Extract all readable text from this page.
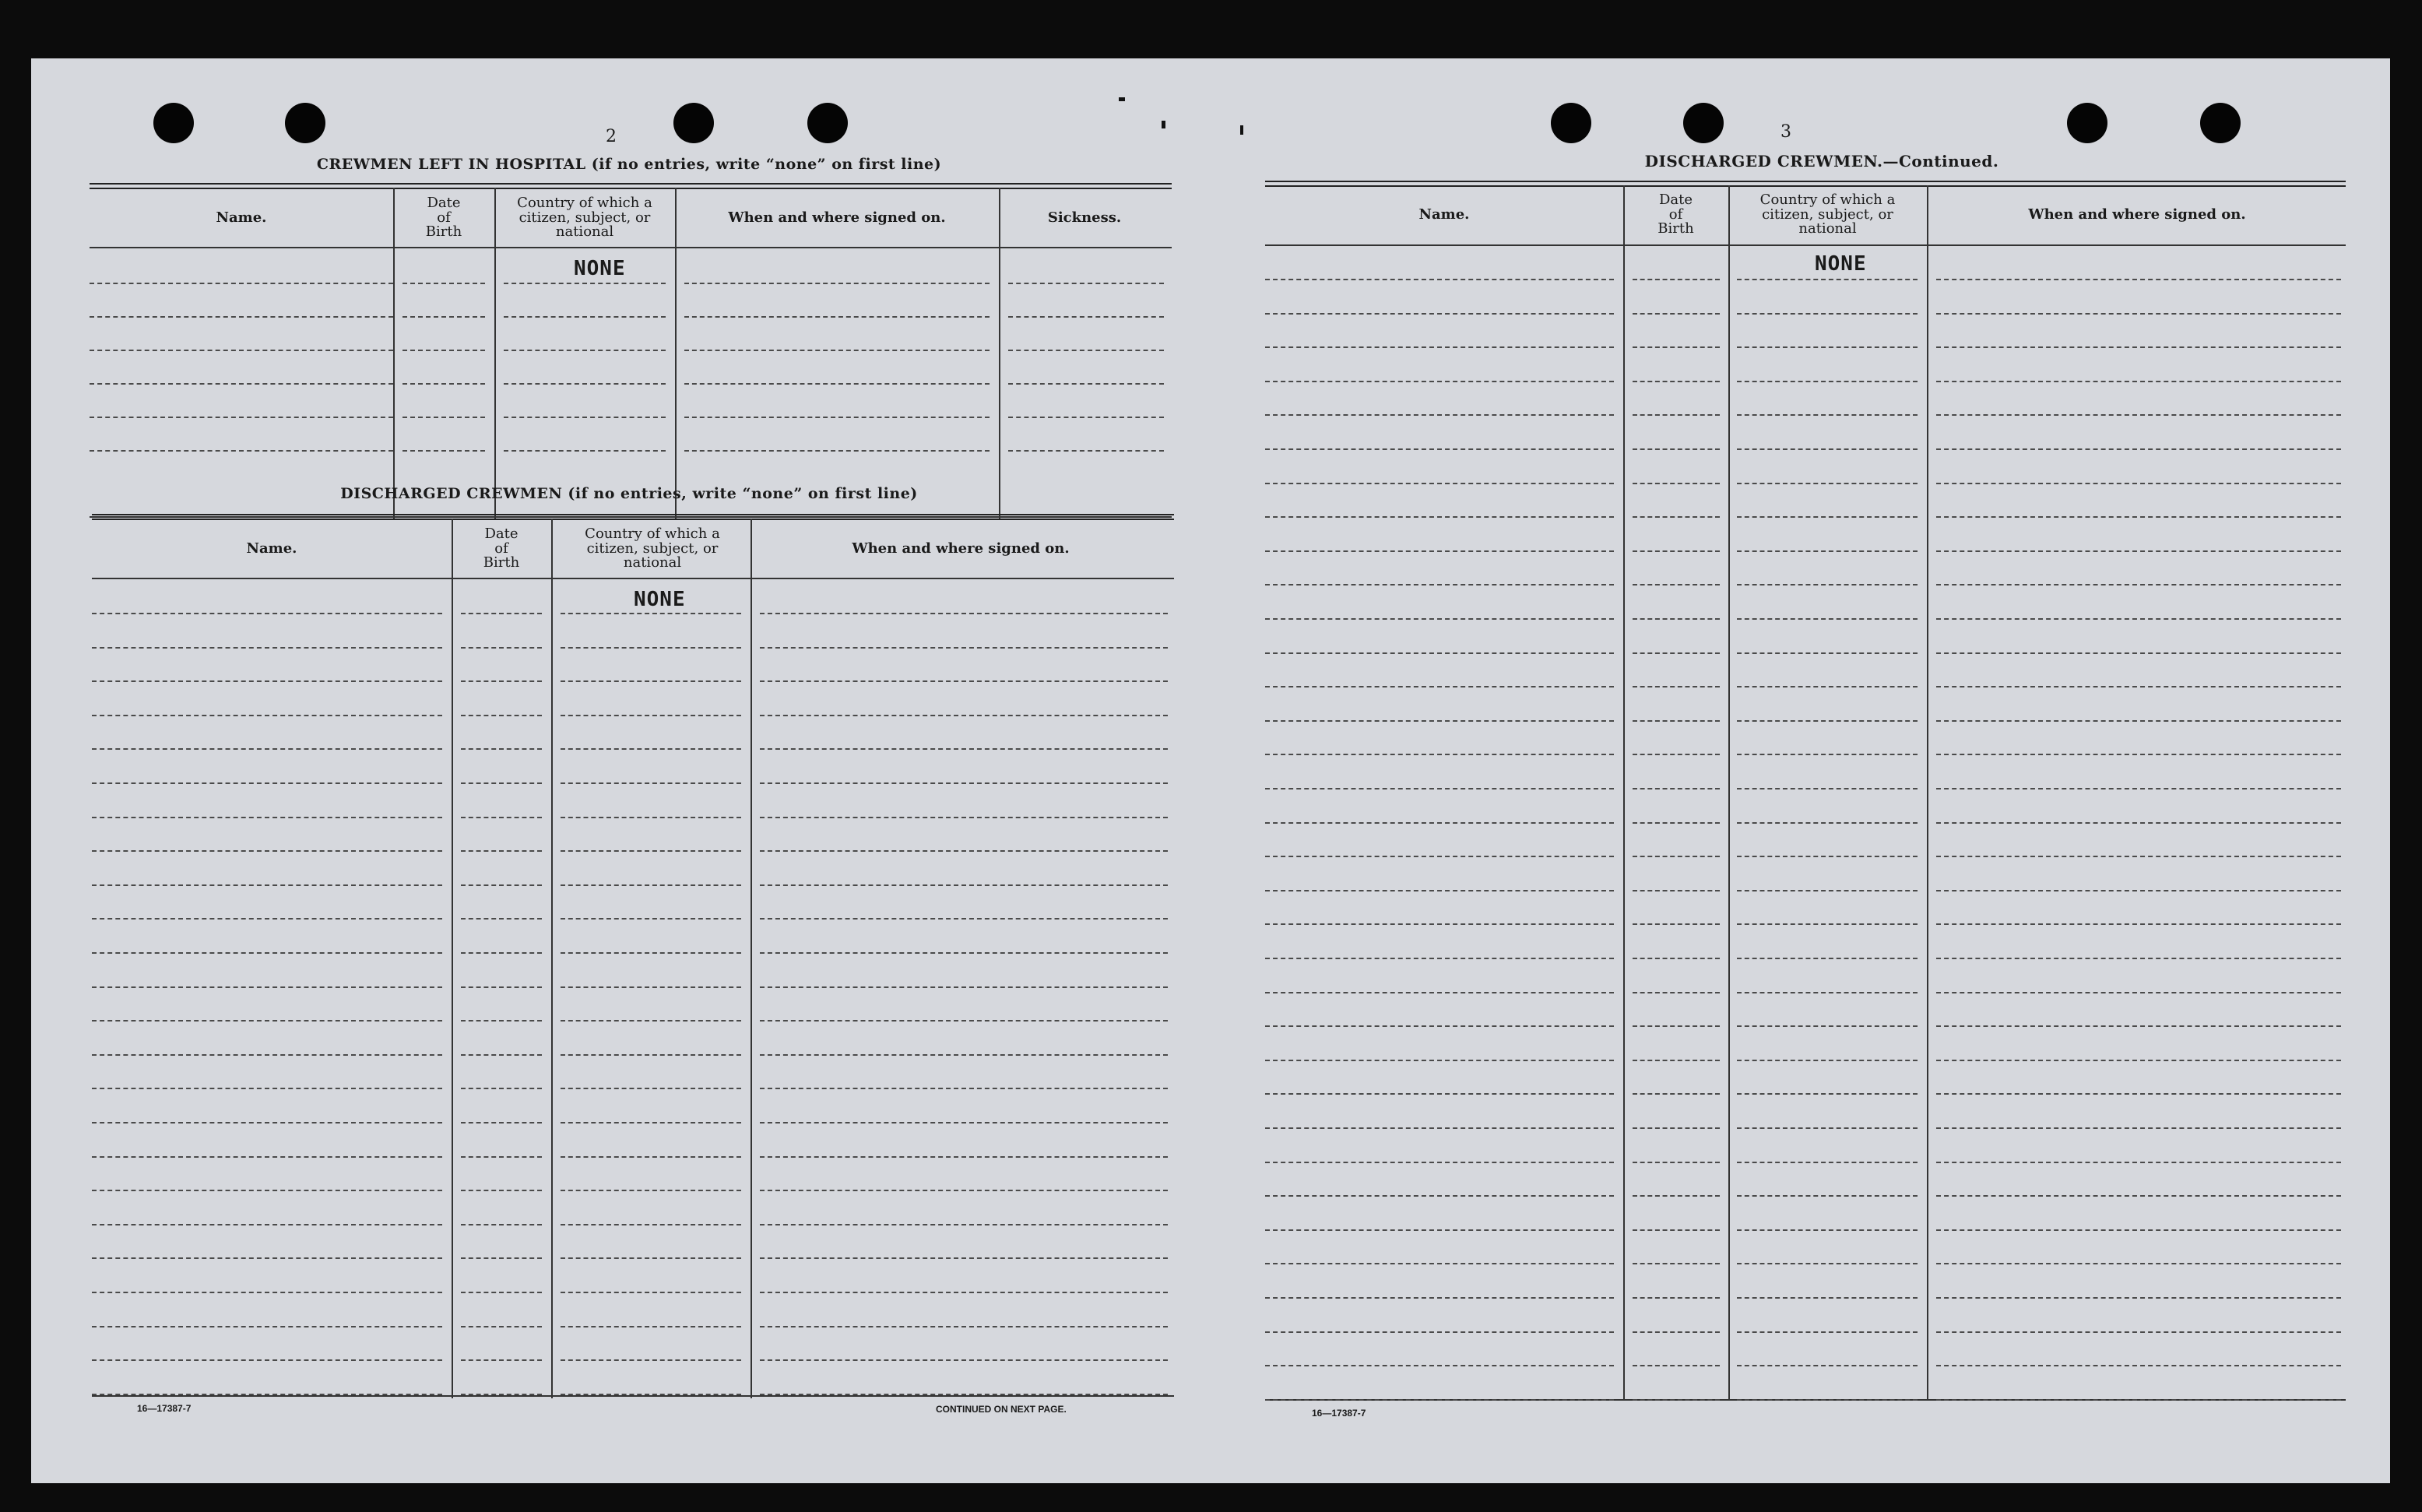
2
CREWMEN LEFT IN HOSPITAL (if no entries, write “none” on first line)
Name.
Date of Birth
Country of which a citizen, subject, or national
When and where signed on.	Sickness.
NONE
DISCHARGED CREWMEN (if no entries, write “none” on first line)
Name.
Date of Birth
Country of which a citizen, subject, or national
When and where signed on.
NONE
16—17387-7	CONTINUED ON NEXT PAGE.
3
DISCHARGED CREWMEN.—Continued.
Name.
Date of Birth
Country of which a citizen, subject, or national
When and where signed on.
NONE
16—17387-7
